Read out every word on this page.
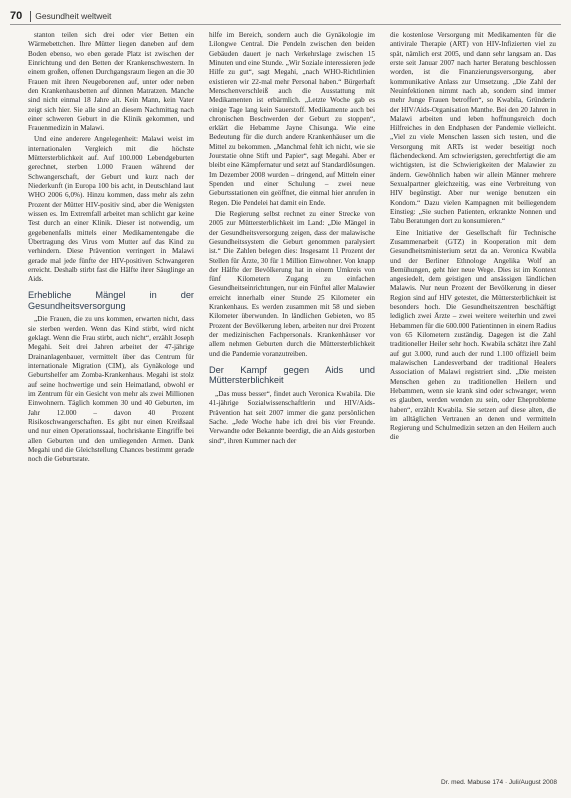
70 Gesundheit weltweit

stanton teilen sich drei oder vier Betten ein Wärmebettchen. Ihre Mütter liegen daneben auf dem Boden ebenso, wo eben gerade Platz ist zwischen der Einrichtung und den Betten der Krankenschwestern. In einem großen, offenen Durchgangsraum liegen an die 30 Frauen mit ihren Neugeborenen auf, unter oder neben den Krankenhausbetten auf dünnen Matratzen. Manche sind nicht einmal 18 Jahre alt. Kein Mann, kein Vater zeigt sich hier. Sie alle sind an diesem Nachmittag nach einer schweren Geburt in die Klinik gekommen, und Frauenmedizin in Malawi.

Und eine anderere Angelegenheit: Malawi weist im internationalen Vergleich mit die höchste Müttersterblichkeit auf. Auf 100.000 Lebendgeburten gerechnet, sterben 1.000 Frauen während der Schwangerschaft, der Geburt und kurz nach der Niederkunft (in Europa 100 bis acht, in Deutschland laut WHO 2006 6,0%). Hinzu kommen, dass mehr als zehn Prozent der Mütter HIV-positiv sind, aber die Wenigsten wissen es. Im Extremfall arbeitet man schlicht gar keine Test durch an einer Klinik. Dieser ist notwendig, um gegebenenfalls mittels einer Medikamentengabe die Übertragung des Virus vom Mutter auf das Kind zu verhindern. Diese Prävention verringert in Malawi gerade mal jede fünfte der HIV-positiven Schwangeren erreicht. Deshalb stirbt fast die Hälfte ihrer Säuglinge an Aids.

Erhebliche Mängel in der Gesundheitsversorgung

„Die Frauen, die zu uns kommen, erwarten nicht, dass sie sterben werden. Wenn das Kind stirbt, wird nicht geklagt. Wenn die Frau stirbt, auch nicht“, erzählt Joseph Megahi. Seit drei Jahren arbeitet der 47-jährige Drainanlagenbauer, vermittelt über das Centrum für internationale Migration (CIM), als Gynäkologe und Geburtshelfer am Zomba-Krankenhaus. Megahi ist stolz auf seine hochwertige und sein Heimatland, obwohl er im Zentrum für ein Gesicht von mehr als zwei Millionen Einwohnern. Täglich kommen 30 und 40 Geburten, im Jahr 12.000 – davon 40 Prozent Risikoschwangerschaften. Es gibt nur einen Kreißsaal und nur einen Operationssaal, hochriskante Eingriffe bei allen Geburten und den umliegenden Armen. Dank Megahi und die Gleichstellung Chances bestimmt gerade noch die Geburtsrate.

hilfe im Bereich, sondern auch die Gynäkologie im Lilongwe Central. Die Pendeln zwischen den beiden Gebäuden dauert je nach Verkehrslage zwischen 15 Minuten und eine Stunde. „Wir Soziale interessieren jede Hilfe zu gut“, sagt Megahi, „nach WHO-Richtlinien existieren wir 22-mal mehr Personal haben.“ Bürgerhaft Menschenverschleiß auch die Ausstattung mit Medikamenten ist erbärmlich. „Letzte Woche gab es einige Tage lang kein Sauerstoff. Medikamente auch bei chronischen Beschwerden der Geburt zu stoppen“, erklärt die Hebamme Jayne Chisunga. Wie eine Bedeutung für die durch andere Krankenhäuser um die Mittel zu bekommen. „Manchmal fehlt ich nicht, wie sie Jourstatie ohne Stift und Papier“, sagt Megahi. Aber er bleibt eine Kämpfernatur und setzt auf Standardlösungen. Im Dezember 2008 wurden – dringend, auf Mitteln einer Spenden und einer Schulung – zwei neue Geburtsstationen ein geöffnet, die einmal hier anrufen in Regen. Die Pendelei hat damit ein Ende.

Die Regierung selbst rechnet zu einer Strecke von 2005 zur Müttersterblichkeit im Land: „Die Mängel in der Gesundheitsversorgung zeigen, dass der malawische Gesundheitssystem die Geburt genommen paralysiert ist.“ Die Zahlen belegen dies: Insgesamt 11 Prozent der Stellen für Ärzte, 30 für 1 Million Einwohner. Von knapp der Hälfte der Bevölkerung hat in einem Umkreis von fünf Kilometern Zugang zu einfachen Gesundheitseinrichtungen, nur ein Fünftel aller Malawier erreicht innerhalb einer Stunde 25 Kilometer ein Krankenhaus. Es werden zusammen mit 58 und sieben Kilometer überwunden. In ländlichen Gebieten, wo 85 Prozent der Bevölkerung leben, arbeiten nur drei Prozent der medizinischen Fachpersonals. Krankenhäuser vor allem nehmen Geburten durch die Müttersterblichkeit und die Pandemie voranzutreiben.

Der Kampf gegen Aids und Müttersterblichkeit

„Das muss besser“, findet auch Veronica Kwabila. Die 41-jährige Sozialwissenschaftlerin und HIV/Aids-Prävention hat seit 2007 immer die ganz persönlichen Sache. „Jede Woche habe ich drei bis vier Freunde. Verwandte oder Bekannte beerdigt, die an Aids gestorben sind“, ihren Kummer nach der

die kostenlose Versorgung mit Medikamenten für die antivirale Therapie (ART) von HIV-Infizierten viel zu spät, nämlich erst 2005, und dann sehr langsam an. Das erste seit Januar 2007 nach harter Beratung beschlossen worden, ist die Finanzierungsversorgung, aber kommunikative Anlass zur Umsetzung. „Die Zahl der Neuinfektionen nimmt nach ab, sondern sind immer mehr Junge Frauen betroffen“, so Kwabila, Gründerin der HIV/Aids-Organisation Manthe. Bei den 20 Jahren in Malawi arbeiten und leben hoffnungsreich doch Hilfreiches in den Endphasen der Pandemie vielleicht. „Viel zu viele Menschen lassen sich testen, und die Versorgung mit ARTs ist weder beseitigt noch flächendeckend. Am schwierigsten, gerechtfertigt die am wichtigsten, ist die Schwierigkeiten der Malawier zu ändern. Gewöhnlich haben wir allein Männer mehrere Sexualpartner gleichzeitig, was eine Verbreitung von HIV begünstigt. Aber nur wenige benutzen ein Kondom.“ Dazu vielen Kampagnen mit beiliegendem Einstieg: „Sie suchen Patienten, erkrankte Nonnen und Tabu Beratungen dort zu konsumieren.“

Eine Initiative der Gesellschaft für Technische Zusammenarbeit (GTZ) in Kooperation mit dem Gesundheitsministerium setzt da an. Veronica Kwabila und der Berliner Ethnologe Angelika Wolf an Bemühungen, geht hier neue Wege. Dies ist im Kontext angesiedelt, dem geistigen und ansässigen ländlichen Malawis. Nur neun Prozent der Bevölkerung in dieser Region sind auf HIV getestet, die Müttersterblichkeit ist besonders hoch. Die Gesundheitszentren beschäftigt lediglich zwei Ärzte – zwei weitere weiterhin und zwei Hebammen für die 600.000 Patientinnen in einem Radius von 65 Kilometern zuständig. Dagegen ist die Zahl traditioneller Heiler sehr hoch. Kwabila schätzt ihre Zahl auf gut 3.000, rund auch der rund 1.100 offiziell beim malawischen Landesverband der traditional Healers Association of Malawi registriert sind. „Die meisten Menschen gehen zu traditionellen Heilern und Hebammen, wenn sie krank sind oder schwanger, wenn es glauben, werden wenden zu sein, oder Eheprobleme haben“, erzählt Kwabila. Sie setzen auf diese alten, die im alltäglichen Vertrauen an denen und vermitteln Regierung und Schulmedizin setzen an den Heilern auch die

Dr. med. Mabuse 174 · Juli/August 2008
